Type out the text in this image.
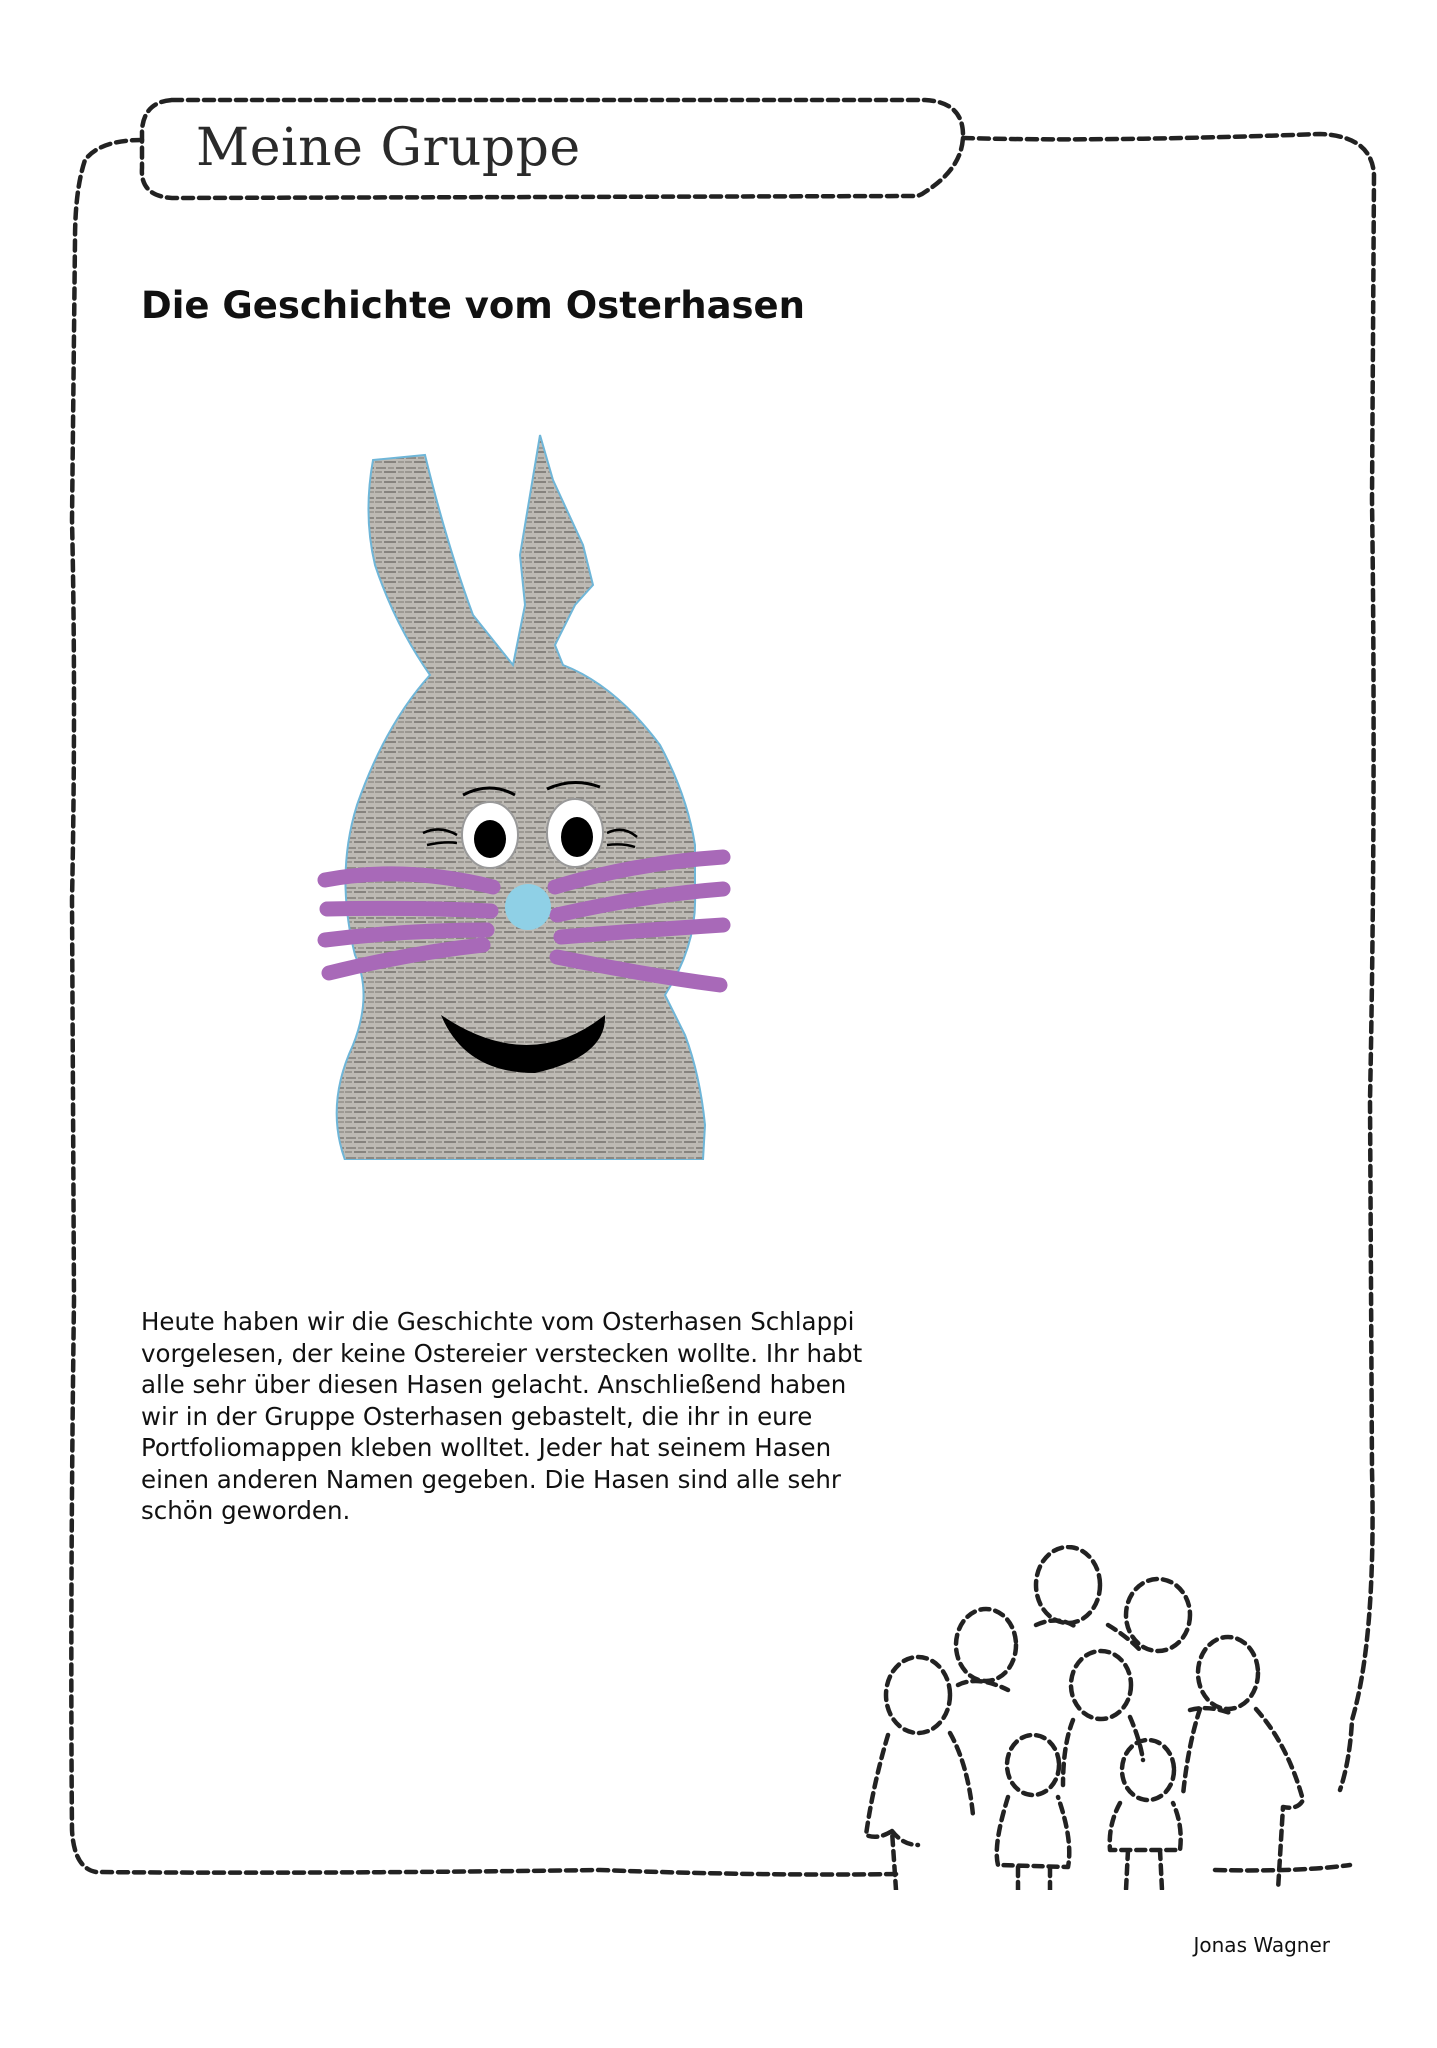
Meine Gruppe
Die Geschichte vom Osterhasen

Heute haben wir die Geschichte vom Osterhasen Schlappi
vorgelesen, der keine Ostereier verstecken wollte. Ihr habt
alle sehr über diesen Hasen gelacht. Anschließend haben
wir in der Gruppe Osterhasen gebastelt, die ihr in eure
Portfoliomappen kleben wolltet. Jeder hat seinem Hasen
einen anderen Namen gegeben. Die Hasen sind alle sehr
schön geworden.

Jonas Wagner
